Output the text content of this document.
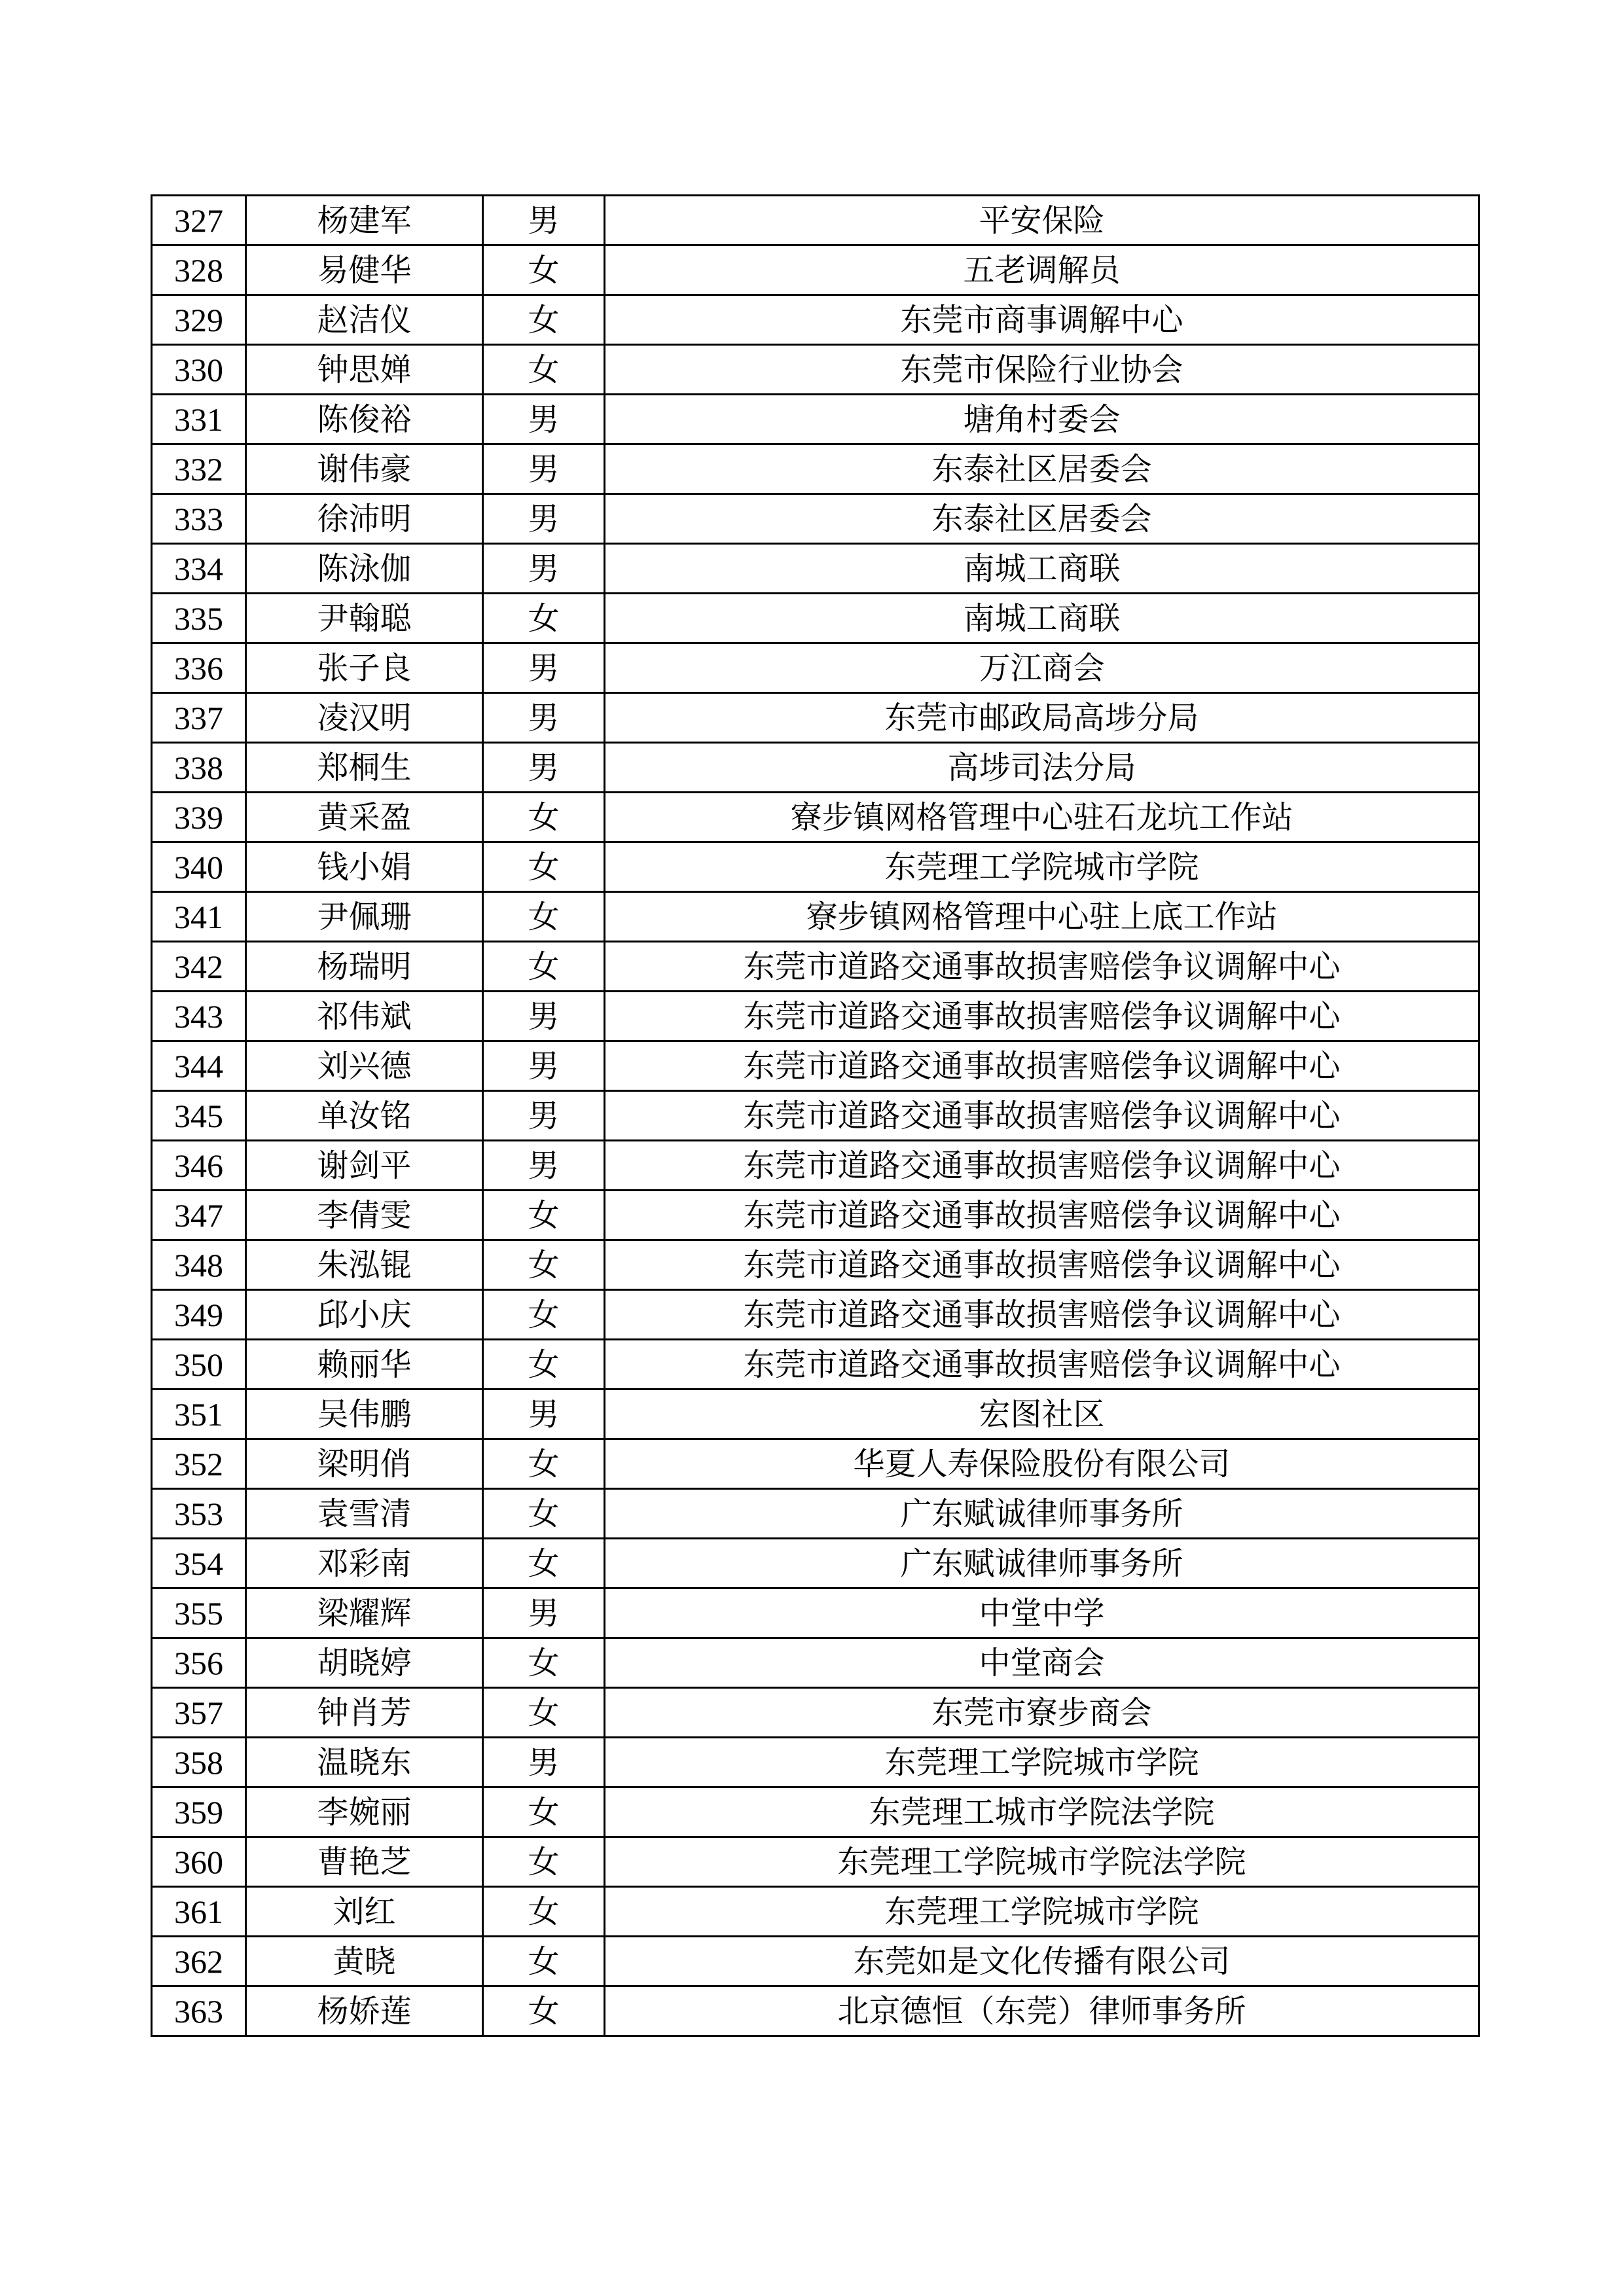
327	杨建军	男	平安保险
328	易健华	女	五老调解员
329	赵洁仪	女	东莞市商事调解中心
330	钟思婵	女	东莞市保险行业协会
331	陈俊裕	男	塘角村委会
332	谢伟豪	男	东泰社区居委会
333	徐沛明	男	东泰社区居委会
334	陈泳伽	男	南城工商联
335	尹翰聪	女	南城工商联
336	张子良	男	万江商会
337	凌汉明	男	东莞市邮政局高埗分局
338	郑桐生	男	高埗司法分局
339	黄采盈	女	寮步镇网格管理中心驻石龙坑工作站
340	钱小娟	女	东莞理工学院城市学院
341	尹佩珊	女	寮步镇网格管理中心驻上底工作站
342	杨瑞明	女	东莞市道路交通事故损害赔偿争议调解中心
343	祁伟斌	男	东莞市道路交通事故损害赔偿争议调解中心
344	刘兴德	男	东莞市道路交通事故损害赔偿争议调解中心
345	单汝铭	男	东莞市道路交通事故损害赔偿争议调解中心
346	谢剑平	男	东莞市道路交通事故损害赔偿争议调解中心
347	李倩雯	女	东莞市道路交通事故损害赔偿争议调解中心
348	朱泓锟	女	东莞市道路交通事故损害赔偿争议调解中心
349	邱小庆	女	东莞市道路交通事故损害赔偿争议调解中心
350	赖丽华	女	东莞市道路交通事故损害赔偿争议调解中心
351	吴伟鹏	男	宏图社区
352	梁明俏	女	华夏人寿保险股份有限公司
353	袁雪清	女	广东赋诚律师事务所
354	邓彩南	女	广东赋诚律师事务所
355	梁耀辉	男	中堂中学
356	胡晓婷	女	中堂商会
357	钟肖芳	女	东莞市寮步商会
358	温晓东	男	东莞理工学院城市学院
359	李婉丽	女	东莞理工城市学院法学院
360	曹艳芝	女	东莞理工学院城市学院法学院
361	刘红	女	东莞理工学院城市学院
362	黄晓	女	东莞如是文化传播有限公司
363	杨娇莲	女	北京德恒（东莞）律师事务所
